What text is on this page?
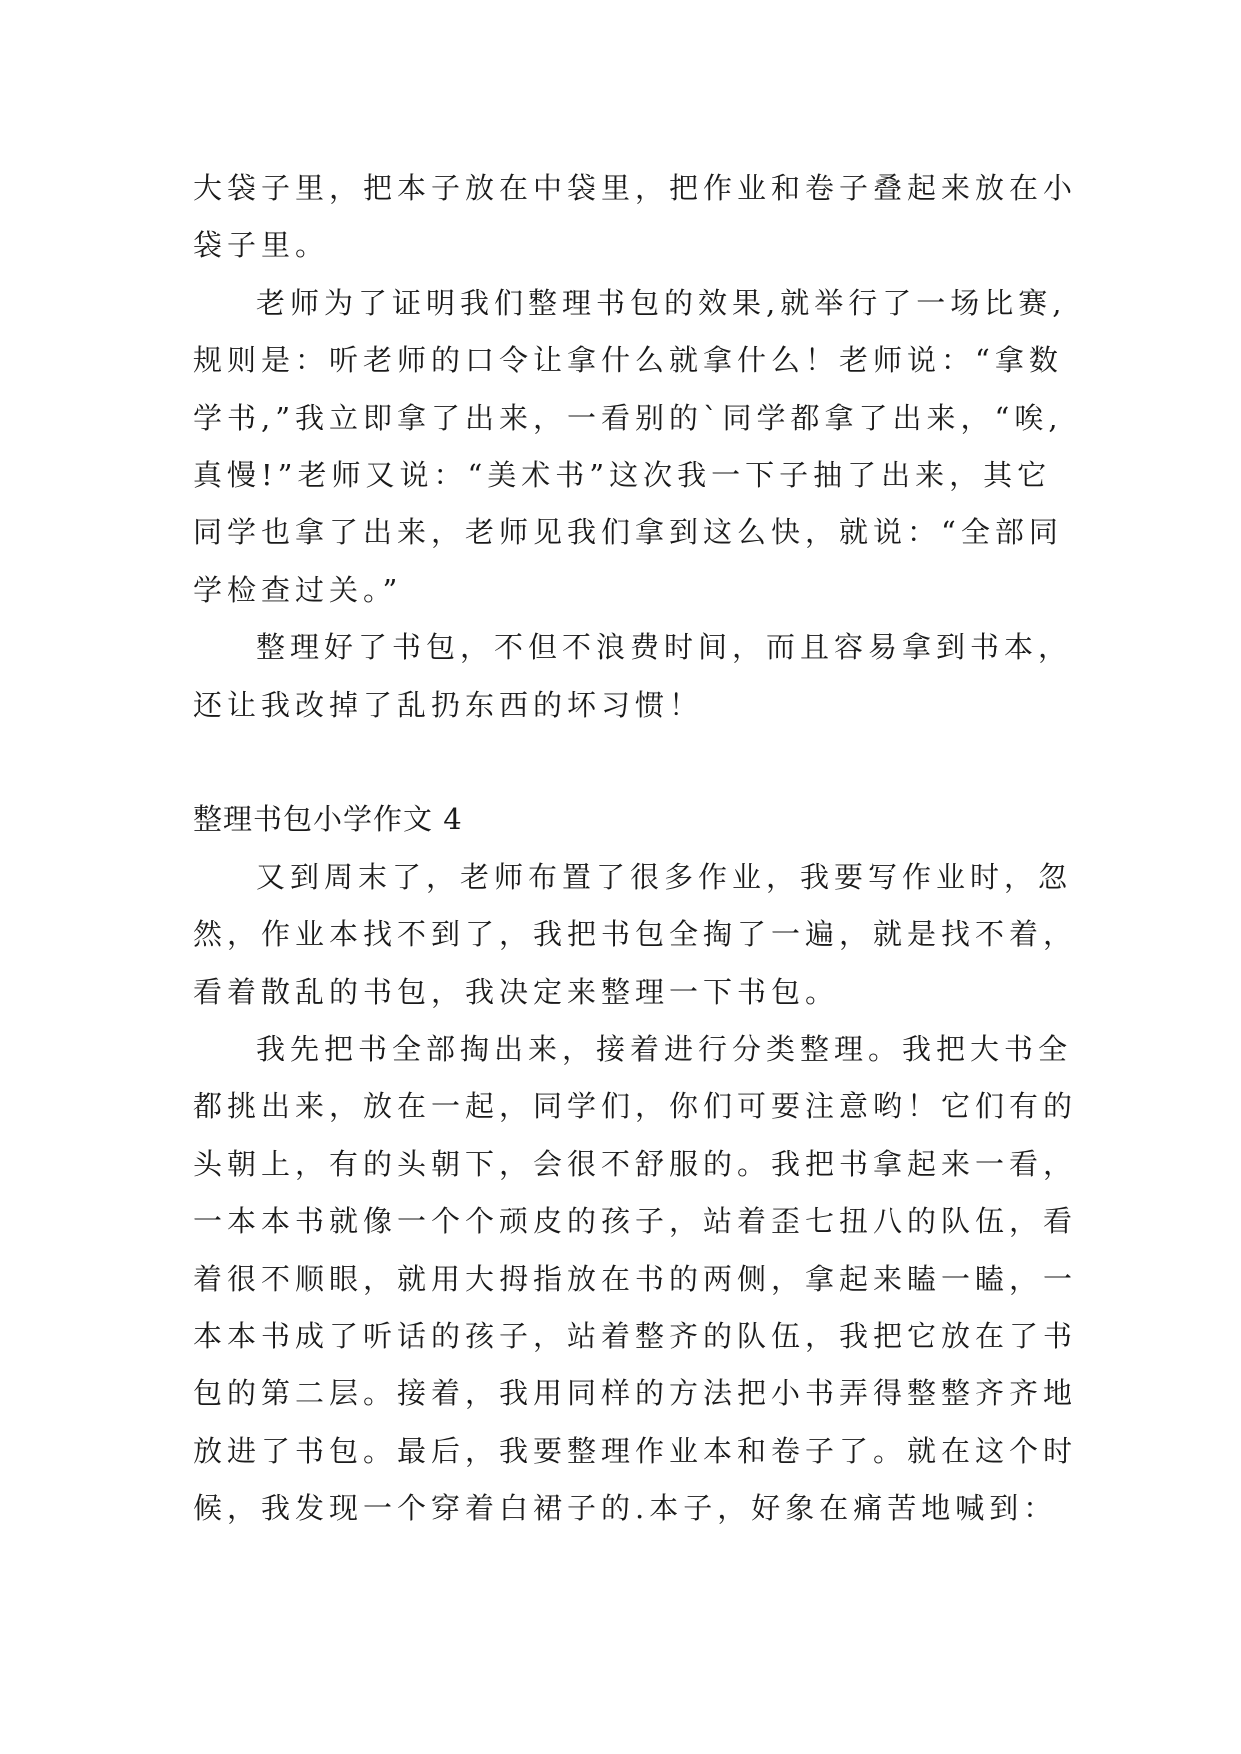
大袋子里，把本子放在中袋里，把作业和卷子叠起来放在小
袋子里。
老师为了证明我们整理书包的效果,就举行了一场比赛,
规则是：听老师的口令让拿什么就拿什么！老师说：“拿数
学书,”我立即拿了出来，一看别的`同学都拿了出来，“唉,
真慢!”老师又说：“美术书”这次我一下子抽了出来，其它
同学也拿了出来，老师见我们拿到这么快，就说：“全部同
学检查过关。”
整理好了书包，不但不浪费时间，而且容易拿到书本，
还让我改掉了乱扔东西的坏习惯！
整理书包小学作文 4
又到周末了，老师布置了很多作业，我要写作业时，忽
然，作业本找不到了，我把书包全掏了一遍，就是找不着，
看着散乱的书包，我决定来整理一下书包。
我先把书全部掏出来，接着进行分类整理。我把大书全
都挑出来，放在一起，同学们，你们可要注意哟！它们有的
头朝上，有的头朝下，会很不舒服的。我把书拿起来一看，
一本本书就像一个个顽皮的孩子，站着歪七扭八的队伍，看
着很不顺眼，就用大拇指放在书的两侧，拿起来瞌一瞌，一
本本书成了听话的孩子，站着整齐的队伍，我把它放在了书
包的第二层。接着，我用同样的方法把小书弄得整整齐齐地
放进了书包。最后，我要整理作业本和卷子了。就在这个时
候，我发现一个穿着白裙子的.本子，好象在痛苦地喊到：
